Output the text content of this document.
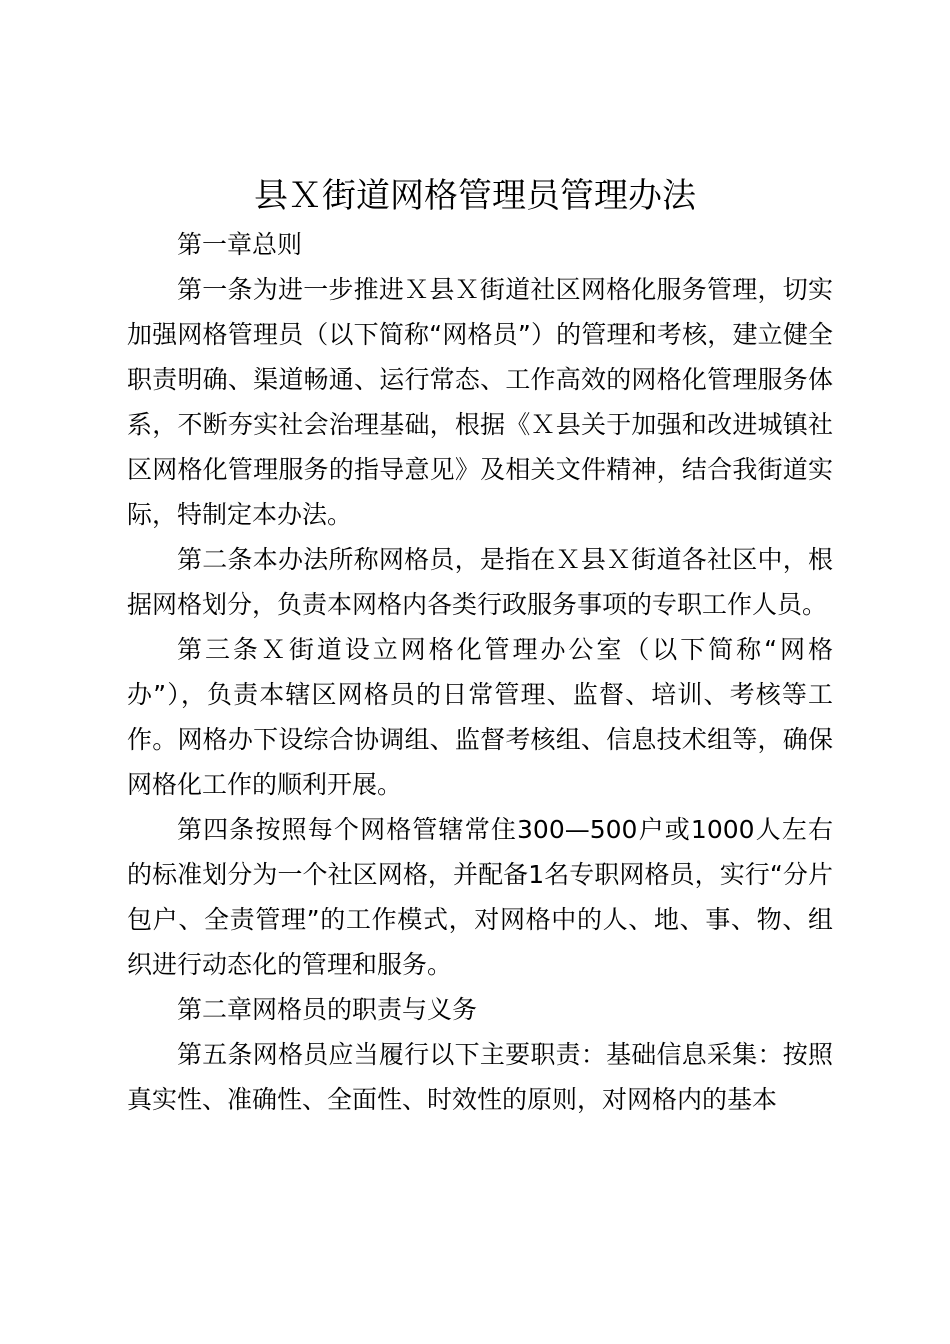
县Ｘ街道网格管理员管理办法

第一章总则

第一条为进一步推进Ｘ县Ｘ街道社区网格化服务管理，切实加强网格管理员（以下简称“网格员”）的管理和考核，建立健全职责明确、渠道畅通、运行常态、工作高效的网格化管理服务体系，不断夯实社会治理基础，根据《Ｘ县关于加强和改进城镇社区网格化管理服务的指导意见》及相关文件精神，结合我街道实际，特制定本办法。

第二条本办法所称网格员，是指在Ｘ县Ｘ街道各社区中，根据网格划分，负责本网格内各类行政服务事项的专职工作人员。

第三条Ｘ街道设立网格化管理办公室（以下简称“网格办”），负责本辖区网格员的日常管理、监督、培训、考核等工作。网格办下设综合协调组、监督考核组、信息技术组等，确保网格化工作的顺利开展。

第四条按照每个网格管辖常住300—500户或1000人左右的标准划分为一个社区网格，并配备1名专职网格员，实行“分片包户、全责管理”的工作模式，对网格中的人、地、事、物、组织进行动态化的管理和服务。

第二章网格员的职责与义务

第五条网格员应当履行以下主要职责：基础信息采集：按照真实性、准确性、全面性、时效性的原则，对网格内的基本
